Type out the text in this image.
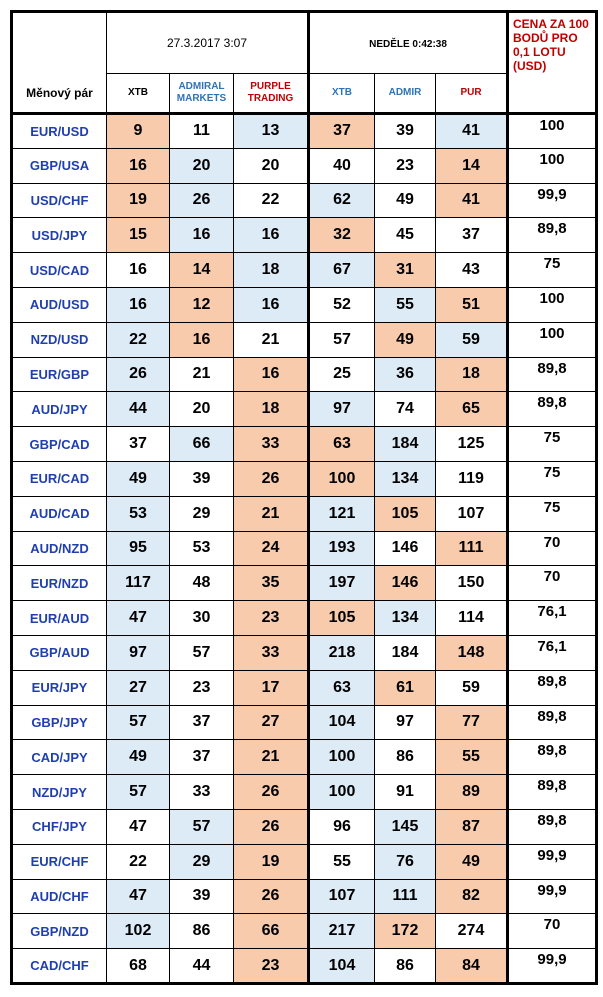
	27.3.2017 3:07			NEDĚLE 0:42:38			CENA ZA 100 BODŮ PRO 0,1 LOTU (USD)
Měnový pár	XTB	ADMIRAL MARKETS	PURPLE TRADING	XTB	ADMIR	PUR	
EUR/USD	9	11	13	37	39	41	100
GBP/USA	16	20	20	40	23	14	100
USD/CHF	19	26	22	62	49	41	99,9
USD/JPY	15	16	16	32	45	37	89,8
USD/CAD	16	14	18	67	31	43	75
AUD/USD	16	12	16	52	55	51	100
NZD/USD	22	16	21	57	49	59	100
EUR/GBP	26	21	16	25	36	18	89,8
AUD/JPY	44	20	18	97	74	65	89,8
GBP/CAD	37	66	33	63	184	125	75
EUR/CAD	49	39	26	100	134	119	75
AUD/CAD	53	29	21	121	105	107	75
AUD/NZD	95	53	24	193	146	111	70
EUR/NZD	117	48	35	197	146	150	70
EUR/AUD	47	30	23	105	134	114	76,1
GBP/AUD	97	57	33	218	184	148	76,1
EUR/JPY	27	23	17	63	61	59	89,8
GBP/JPY	57	37	27	104	97	77	89,8
CAD/JPY	49	37	21	100	86	55	89,8
NZD/JPY	57	33	26	100	91	89	89,8
CHF/JPY	47	57	26	96	145	87	89,8
EUR/CHF	22	29	19	55	76	49	99,9
AUD/CHF	47	39	26	107	111	82	99,9
GBP/NZD	102	86	66	217	172	274	70
CAD/CHF	68	44	23	104	86	84	99,9
